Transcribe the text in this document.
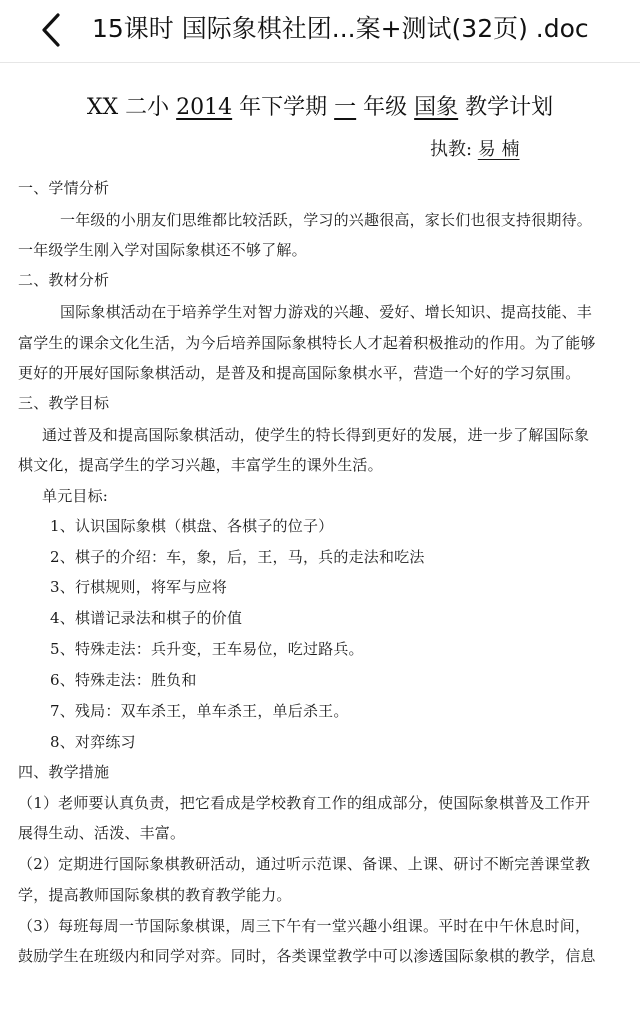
15课时 国际象棋社团...案+测试(32页) .doc
XX 二小 2014 年下学期 一 年级 国象 教学计划
执教: 易 楠
一、学情分析
一年级的小朋友们思维都比较活跃，学习的兴趣很高，家长们也很支持很期待。
一年级学生刚入学对国际象棋还不够了解。
二、教材分析
国际象棋活动在于培养学生对智力游戏的兴趣、爱好、增长知识、提高技能、丰
富学生的课余文化生活，为今后培养国际象棋特长人才起着积极推动的作用。为了能够
更好的开展好国际象棋活动，是普及和提高国际象棋水平，营造一个好的学习氛围。
三、教学目标
通过普及和提高国际象棋活动，使学生的特长得到更好的发展，进一步了解国际象
棋文化，提高学生的学习兴趣，丰富学生的课外生活。
单元目标:
1、认识国际象棋（棋盘、各棋子的位子）
2、棋子的介绍：车，象，后，王，马，兵的走法和吃法
3、行棋规则，将军与应将
4、棋谱记录法和棋子的价值
5、特殊走法：兵升变，王车易位，吃过路兵。
6、特殊走法：胜负和
7、残局：双车杀王，单车杀王，单后杀王。
8、对弈练习
四、教学措施
（1）老师要认真负责，把它看成是学校教育工作的组成部分，使国际象棋普及工作开
展得生动、活泼、丰富。
（2）定期进行国际象棋教研活动，通过听示范课、备课、上课、研讨不断完善课堂教
学，提高教师国际象棋的教育教学能力。
（3）每班每周一节国际象棋课，周三下午有一堂兴趣小组课。平时在中午休息时间，
鼓励学生在班级内和同学对弈。同时，各类课堂教学中可以渗透国际象棋的教学，信息
